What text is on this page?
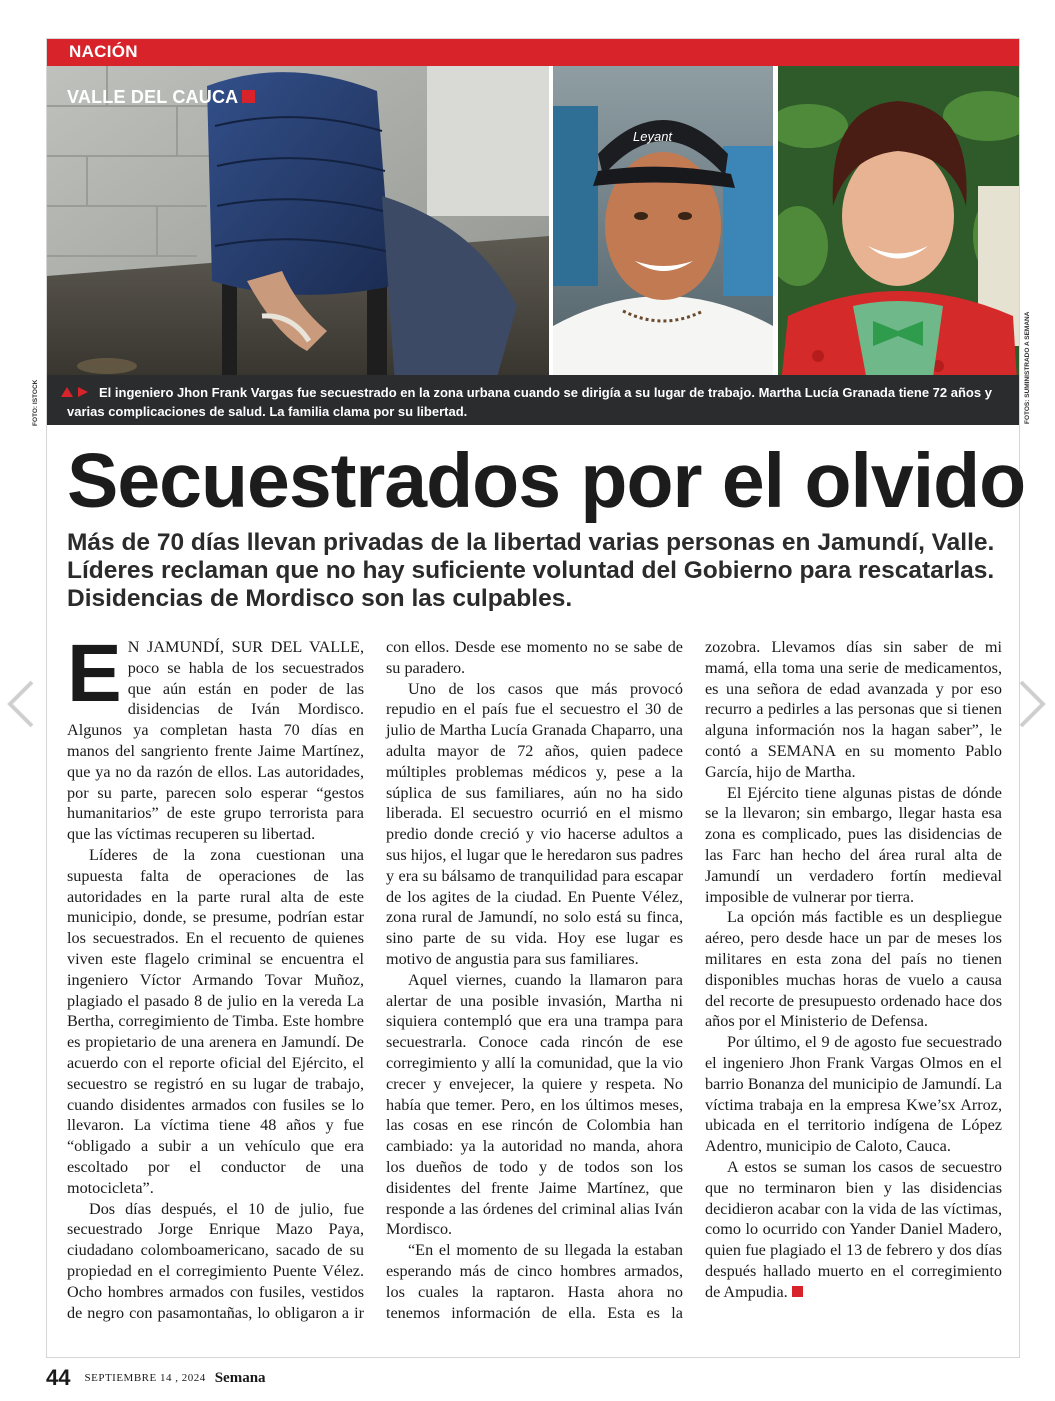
NACIÓN
Leyant
VALLE DEL CAUCA

El ingeniero Jhon Frank Vargas fue secuestrado en la zona urbana cuando se dirigía a su lugar de trabajo. Martha Lucía Granada tiene 72 años y varias complicaciones de salud. La familia clama por su libertad.

Secuestrados por el olvido
Más de 70 días llevan privadas de la libertad varias personas en Jamundí, Valle. Líderes reclaman que no hay suficiente voluntad del Gobierno para rescatarlas. Disidencias de Mordisco son las culpables.

E N JAMUNDÍ, SUR DEL VALLE, poco se habla de los secuestrados que aún están en poder de las disidencias de Iván Mordisco. Algunos ya completan hasta 70 días en manos del sangriento frente Jaime Martínez, que ya no da razón de ellos. Las autoridades, por su parte, parecen solo esperar “gestos humanitarios” de este grupo terrorista para que las víctimas recuperen su libertad.

Líderes de la zona cuestionan una supuesta falta de operaciones de las autoridades en la parte rural alta de este municipio, donde, se presume, podrían estar los secuestrados. En el recuento de quienes viven este flagelo criminal se encuentra el ingeniero Víctor Armando Tovar Muñoz, plagiado el pasado 8 de julio en la vereda La Bertha, corregimiento de Timba. Este hombre es propietario de una arenera en Jamundí. De acuerdo con el reporte oficial del Ejército, el secuestro se registró en su lugar de trabajo, cuando disidentes armados con fusiles se lo llevaron. La víctima tiene 48 años y fue “obligado a subir a un vehículo que era escoltado por el conductor de una motocicleta”.

Dos días después, el 10 de julio, fue secuestrado Jorge Enrique Mazo Paya, ciudadano colomboamericano, sacado de su propiedad en el corregimiento Puente Vélez. Ocho hombres armados con fusiles, vestidos de negro con pasamontañas, lo obligaron a ir con ellos. Desde ese momento no se sabe de su paradero.

Uno de los casos que más provocó repudio en el país fue el secuestro el 30 de julio de Martha Lucía Granada Chaparro, una adulta mayor de 72 años, quien padece múltiples problemas médicos y, pese a la súplica de sus familiares, aún no ha sido liberada. El secuestro ocurrió en el mismo predio donde creció y vio hacerse adultos a sus hijos, el lugar que le heredaron sus padres y era su bálsamo de tranquilidad para escapar de los agites de la ciudad. En Puente Vélez, zona rural de Jamundí, no solo está su finca, sino parte de su vida. Hoy ese lugar es motivo de angustia para sus familiares.

Aquel viernes, cuando la llamaron para alertar de una posible invasión, Martha ni siquiera contempló que era una trampa para secuestrarla. Conoce cada rincón de ese corregimiento y allí la comunidad, que la vio crecer y envejecer, la quiere y respeta. No había que temer. Pero, en los últimos meses, las cosas en ese rincón de Colombia han cambiado: ya la autoridad no manda, ahora los dueños de todo y de todos son los disidentes del frente Jaime Martínez, que responde a las órdenes del criminal alias Iván Mordisco.

“En el momento de su llegada la estaban esperando más de cinco hombres armados, los cuales la raptaron. Hasta ahora no tenemos información de ella. Esta es la zozobra. Llevamos días sin saber de mi mamá, ella toma una serie de medicamentos, es una señora de edad avanzada y por eso recurro a pedirles a las personas que si tienen alguna información nos la hagan saber”, le contó a SEMANA en su momento Pablo García, hijo de Martha.

El Ejército tiene algunas pistas de dónde se la llevaron; sin embargo, llegar hasta esa zona es complicado, pues las disidencias de las Farc han hecho del área rural alta de Jamundí un verdadero fortín medieval imposible de vulnerar por tierra.

La opción más factible es un despliegue aéreo, pero desde hace un par de meses los militares en esta zona del país no tienen disponibles muchas horas de vuelo a causa del recorte de presupuesto ordenado hace dos años por el Ministerio de Defensa.

Por último, el 9 de agosto fue secuestrado el ingeniero Jhon Frank Vargas Olmos en el barrio Bonanza del municipio de Jamundí. La víctima trabaja en la empresa Kwe’sx Arroz, ubicada en el territorio indígena de López Adentro, municipio de Caloto, Cauca.

A estos se suman los casos de secuestro que no terminaron bien y las disidencias decidieron acabar con la vida de las víctimas, como lo ocurrido con Yander Daniel Madero, quien fue plagiado el 13 de febrero y dos días después hallado muerto en el corregimiento de Ampudia.

FOTO: ISTOCK	FOTOS: SUMINISTRADO A SEMANA
44 SEPTIEMBRE 14 , 2024 Semana
